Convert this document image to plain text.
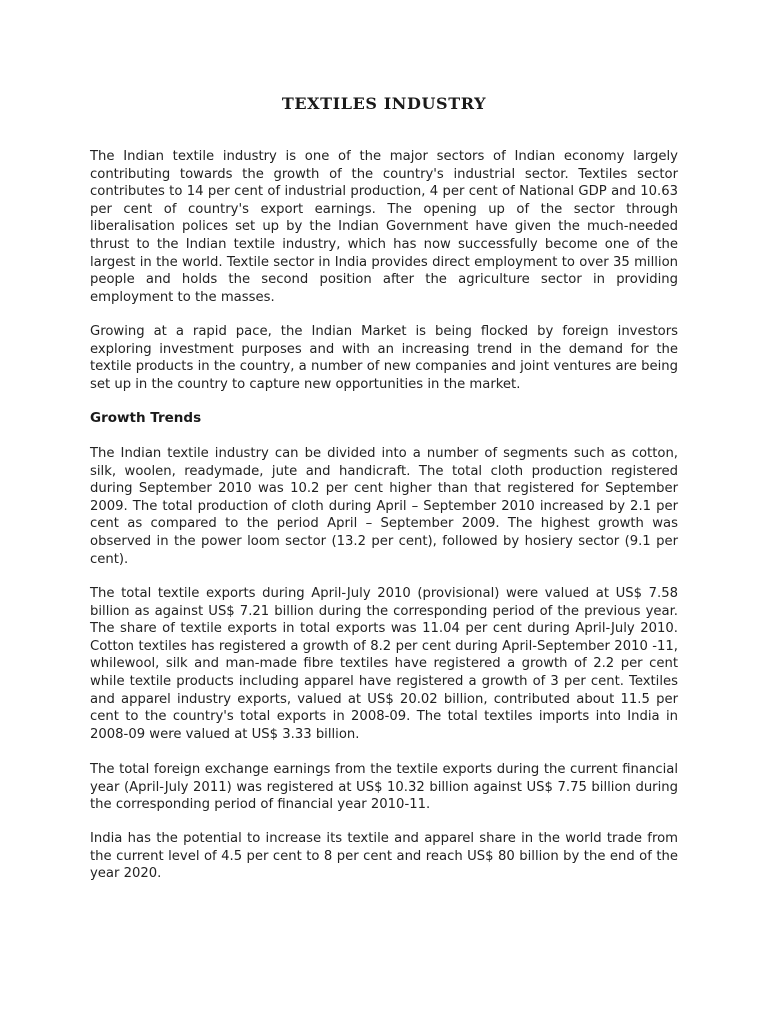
TEXTILES INDUSTRY

The Indian textile industry is one of the major sectors of Indian economy largely contributing towards the growth of the country's industrial sector. Textiles sector contributes to 14 per cent of industrial production, 4 per cent of National GDP and 10.63 per cent of country's export earnings. The opening up of the sector through liberalisation polices set up by the Indian Government have given the much-needed thrust to the Indian textile industry, which has now successfully become one of the largest in the world. Textile sector in India provides direct employment to over 35 million people and holds the second position after the agriculture sector in providing employment to the masses.

Growing at a rapid pace, the Indian Market is being flocked by foreign investors exploring investment purposes and with an increasing trend in the demand for the textile products in the country, a number of new companies and joint ventures are being set up in the country to capture new opportunities in the market.

Growth Trends

The Indian textile industry can be divided into a number of segments such as cotton, silk, woolen, readymade, jute and handicraft. The total cloth production registered during September 2010 was 10.2 per cent higher than that registered for September 2009. The total production of cloth during April – September 2010 increased by 2.1 per cent as compared to the period April – September 2009. The highest growth was observed in the power loom sector (13.2 per cent), followed by hosiery sector (9.1 per cent).

The total textile exports during April-July 2010 (provisional) were valued at US$ 7.58 billion as against US$ 7.21 billion during the corresponding period of the previous year. The share of textile exports in total exports was 11.04 per cent during April-July 2010. Cotton textiles has registered a growth of 8.2 per cent during April-September 2010 -11, whilewool, silk and man-made fibre textiles have registered a growth of 2.2 per cent while textile products including apparel have registered a growth of 3 per cent. Textiles and apparel industry exports, valued at US$ 20.02 billion, contributed about 11.5 per cent to the country's total exports in 2008-09. The total textiles imports into India in 2008-09 were valued at US$ 3.33 billion.

The total foreign exchange earnings from the textile exports during the current financial year (April-July 2011) was registered at US$ 10.32 billion against US$ 7.75 billion during the corresponding period of financial year 2010-11.

India has the potential to increase its textile and apparel share in the world trade from the current level of 4.5 per cent to 8 per cent and reach US$ 80 billion by the end of the year 2020.
